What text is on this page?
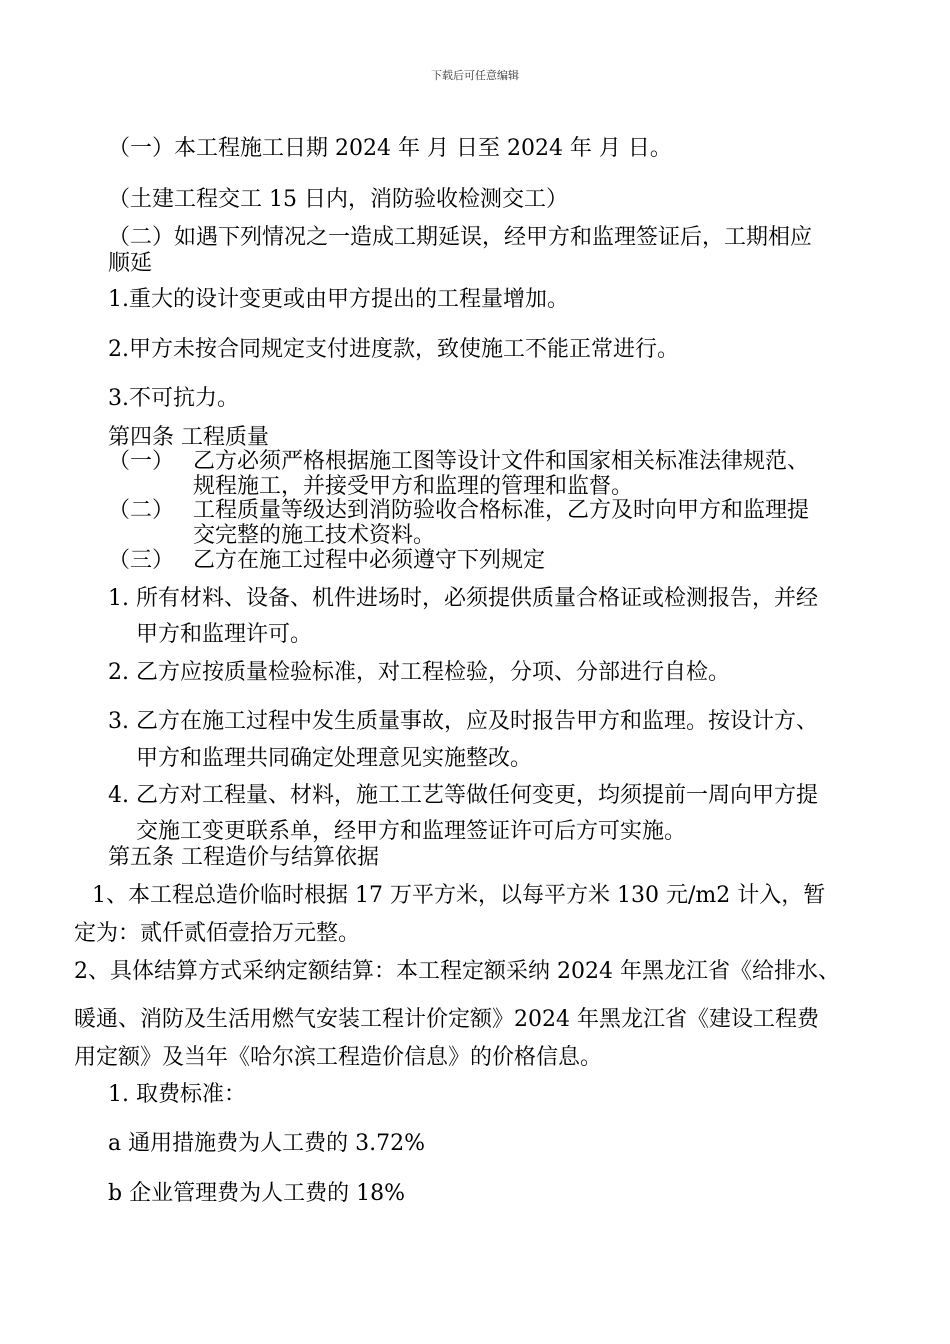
下载后可任意编辑
（一）本工程施工日期 2024 年 月 日至 2024 年 月 日。
（土建工程交工 15 日内，消防验收检测交工）
（二）如遇下列情况之一造成工期延误，经甲方和监理签证后，工期相应
顺延
1.重大的设计变更或由甲方提出的工程量增加。
2.甲方未按合同规定支付进度款，致使施工不能正常进行。
3.不可抗力。
第四条 工程质量
（一） 乙方必须严格根据施工图等设计文件和国家相关标准法律规范、
规程施工，并接受甲方和监理的管理和监督。
（二） 工程质量等级达到消防验收合格标准，乙方及时向甲方和监理提
交完整的施工技术资料。
（三） 乙方在施工过程中必须遵守下列规定
1. 所有材料、设备、机件进场时，必须提供质量合格证或检测报告，并经
甲方和监理许可。
2. 乙方应按质量检验标准，对工程检验，分项、分部进行自检。
3. 乙方在施工过程中发生质量事故，应及时报告甲方和监理。按设计方、
甲方和监理共同确定处理意见实施整改。
4. 乙方对工程量、材料，施工工艺等做任何变更，均须提前一周向甲方提
交施工变更联系单，经甲方和监理签证许可后方可实施。
第五条 工程造价与结算依据
1、本工程总造价临时根据 17 万平方米，以每平方米 130 元/m2 计入，暂
定为：贰仟贰佰壹拾万元整。
2、具体结算方式采纳定额结算：本工程定额采纳 2024 年黑龙江省《给排水、
暖通、消防及生活用燃气安装工程计价定额》2024 年黑龙江省《建设工程费
用定额》及当年《哈尔滨工程造价信息》的价格信息。
1. 取费标准：
a 通用措施费为人工费的 3.72%
b 企业管理费为人工费的 18%
